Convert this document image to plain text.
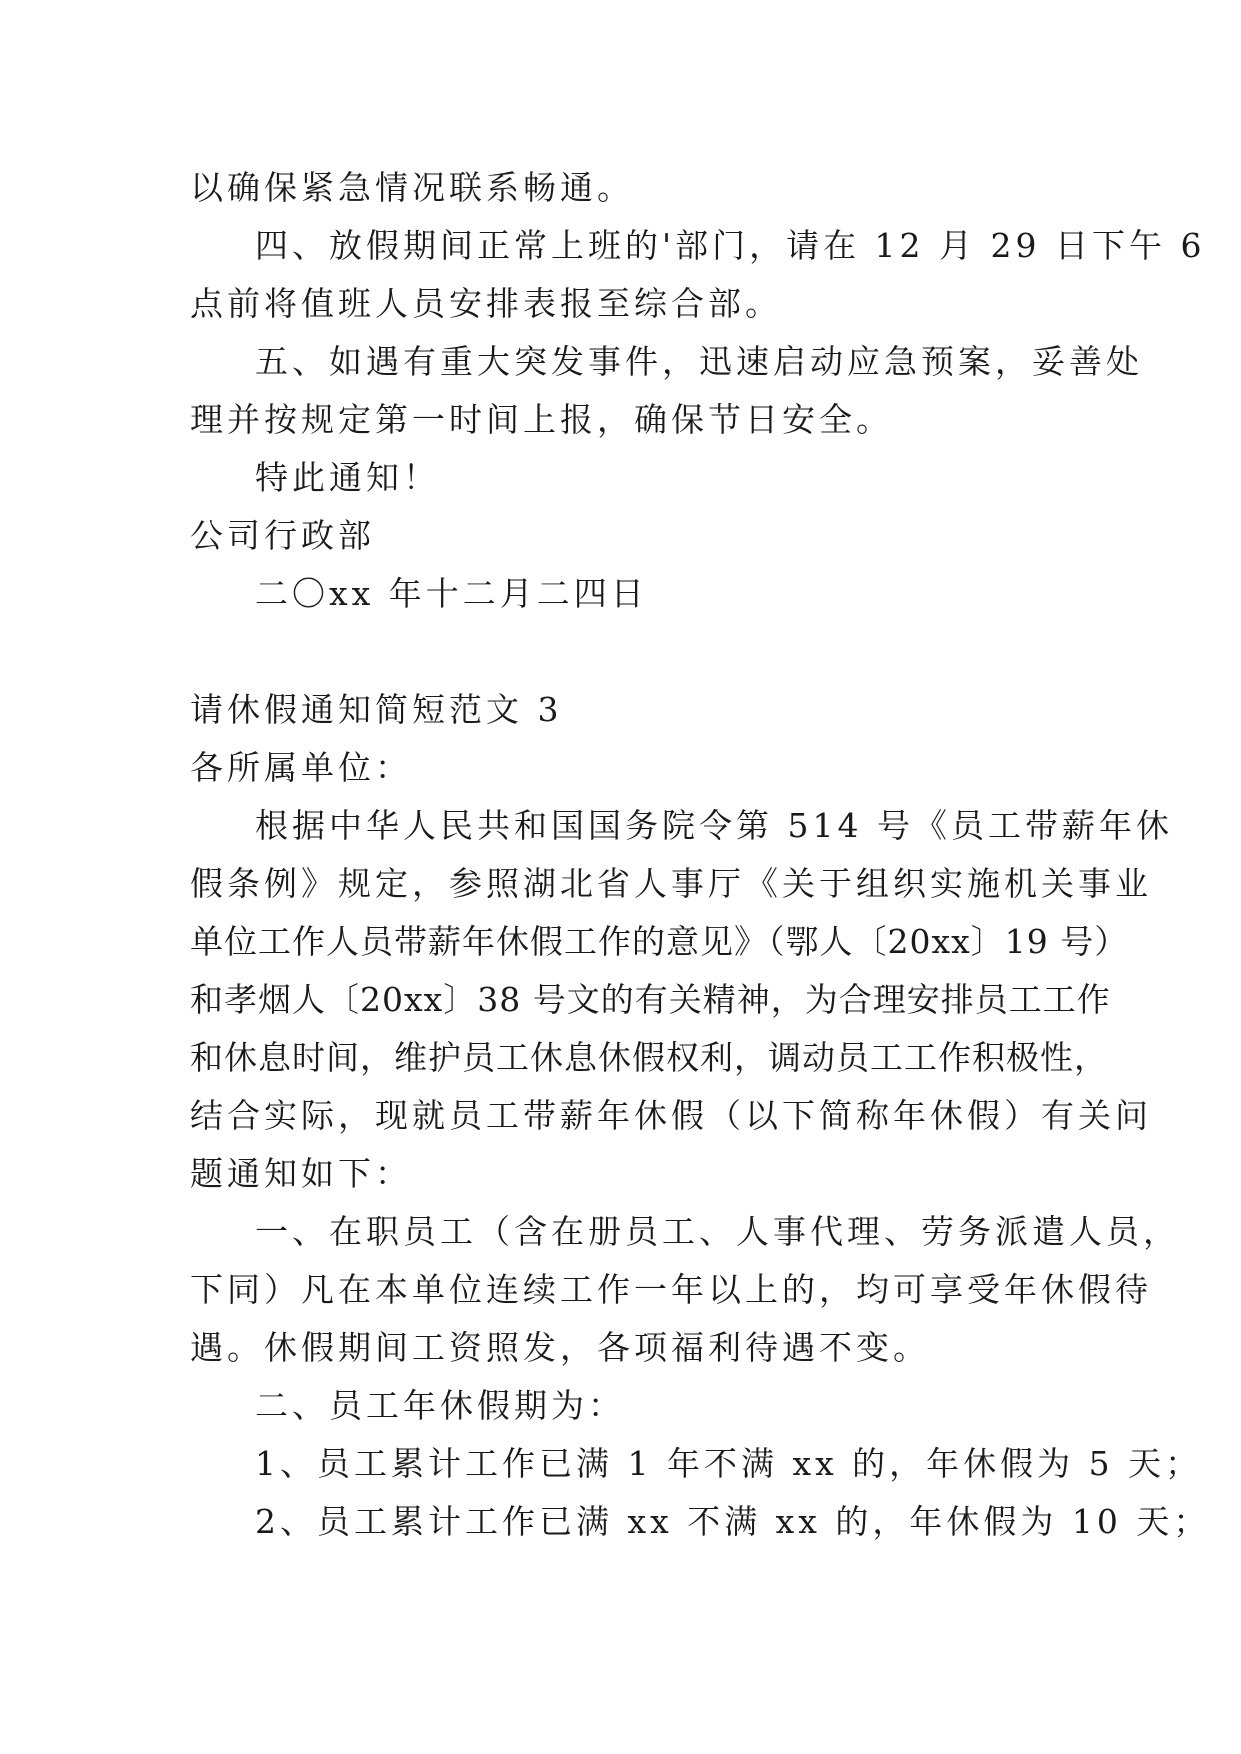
以确保紧急情况联系畅通。
四、放假期间正常上班的'部门，请在 12 月 29 日下午 6
点前将值班人员安排表报至综合部。
五、如遇有重大突发事件，迅速启动应急预案，妥善处
理并按规定第一时间上报，确保节日安全。
特此通知！
公司行政部
二〇xx 年十二月二四日
请休假通知简短范文 3
各所属单位：
根据中华人民共和国国务院令第 514 号《员工带薪年休
假条例》规定，参照湖北省人事厅《关于组织实施机关事业
单位工作人员带薪年休假工作的意见》（鄂人〔20xx〕19 号）
和孝烟人〔20xx〕38 号文的有关精神，为合理安排员工工作
和休息时间，维护员工休息休假权利，调动员工工作积极性，
结合实际，现就员工带薪年休假（以下简称年休假）有关问
题通知如下：
一、在职员工（含在册员工、人事代理、劳务派遣人员，
下同）凡在本单位连续工作一年以上的，均可享受年休假待
遇。休假期间工资照发，各项福利待遇不变。
二、员工年休假期为：
1、员工累计工作已满 1 年不满 xx 的，年休假为 5 天；
2、员工累计工作已满 xx 不满 xx 的，年休假为 10 天；
